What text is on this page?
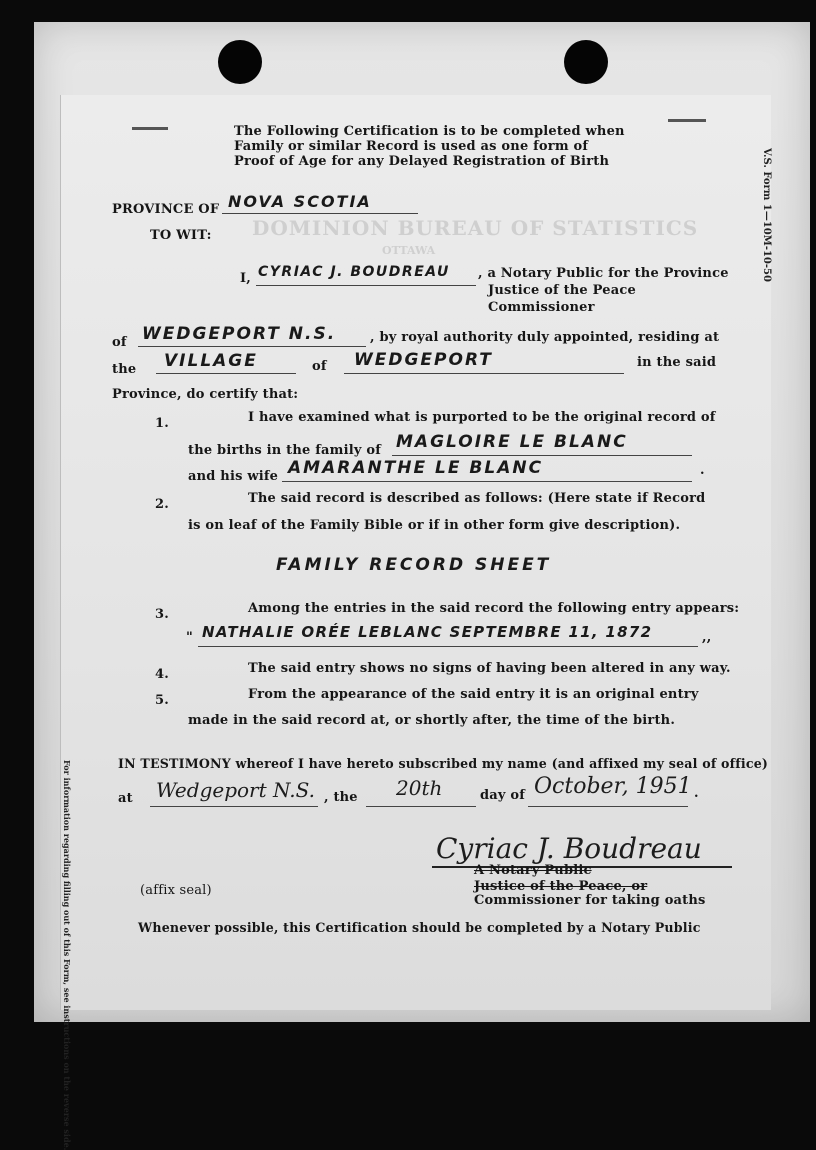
DOMINION BUREAU OF STATISTICS
OTTAWA	V.S. Form 1—10M-10-50
For information regarding filling out of this Form, see instructions on the reverse side.
The Following Certification is to be completed when
Family or similar Record is used as one form of
Proof of Age for any Delayed Registration of Birth
PROVINCE OF NOVA SCOTIA
TO WIT:
I, CYRIAC J. BOUDREAU , a Notary Public for the Province
Justice of the Peace
Commissioner
of WEDGEPORT N.S.	, by royal authority duly appointed, residing at
the VILLAGE	of WEDGEPORT	in the said
Province, do certify that:
1.	I have examined what is purported to be the original record of
the births in the family of MAGLOIRE LE BLANC
and his wife AMARANTHE LE BLANC	.
2.	The said record is described as follows: (Here state if Record
is on leaf of the Family Bible or if in other form give description).
FAMILY RECORD SHEET
3.	Among the entries in the said record the following entry appears:
" NATHALIE ORÉE LEBLANC SEPTEMBRE 11, 1872	,,
4.	The said entry shows no signs of having been altered in any way.
5.	From the appearance of the said entry it is an original entry
made in the said record at, or shortly after, the time of the birth.
IN TESTIMONY whereof I have hereto subscribed my name (and affixed my seal of office)
at Wedgeport N.S. , the 20th	day of October, 1951 .
Cyriac J. Boudreau
A Notary Public
Justice of the Peace, or
Commissioner for taking oaths
(affix seal)
Whenever possible, this Certification should be completed by a Notary Public
